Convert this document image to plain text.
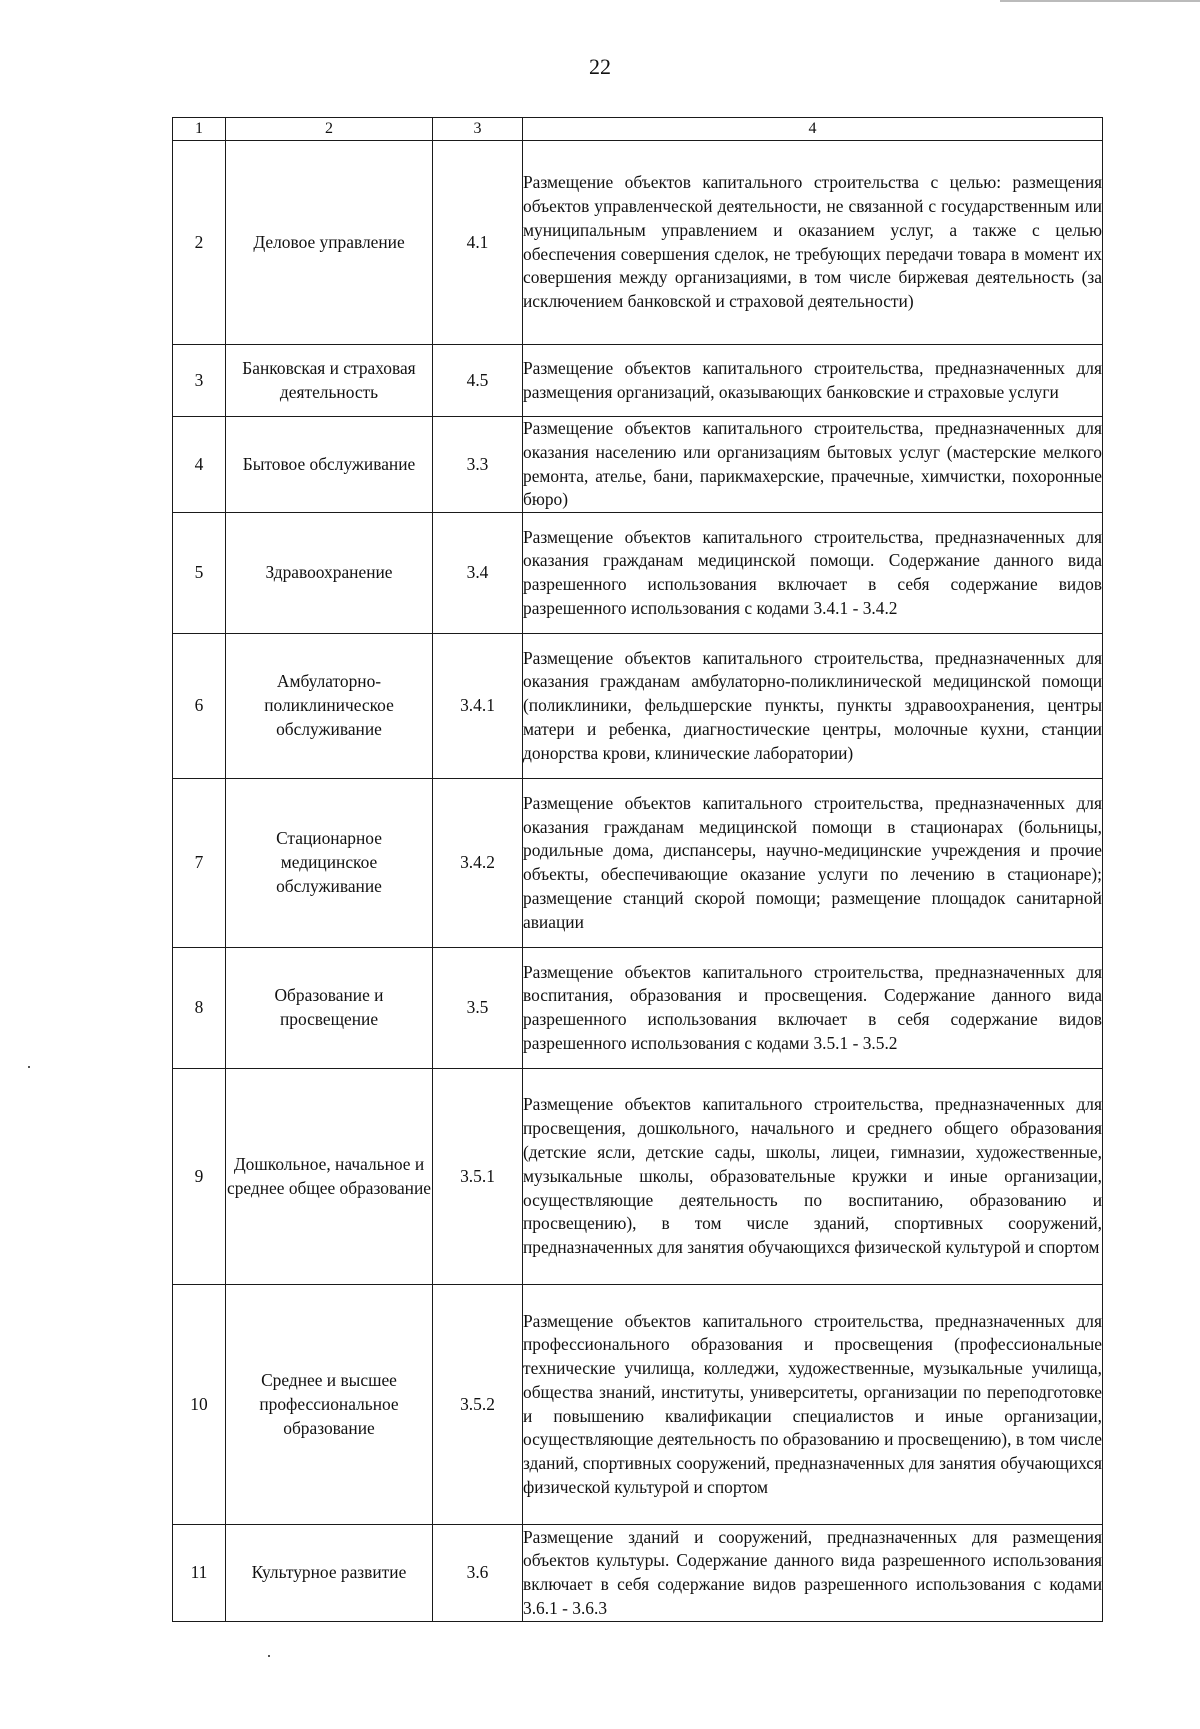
22
1	2	3	4
2	Деловое управление	4.1	Размещение объектов капитального строительства с целью: размещения объектов управленческой деятельности, не связанной с государственным или муниципальным управлением и оказанием услуг, а также с целью обеспечения совершения сделок, не требующих передачи товара в момент их совершения между организациями, в том числе биржевая деятельность (за исключением банковской и страховой деятельности)
3	Банковская и страховая деятельность	4.5	Размещение объектов капитального строительства, предназначенных для размещения организаций, оказывающих банковские и страховые услуги
4	Бытовое обслуживание	3.3	Размещение объектов капитального строительства, предназначенных для оказания населению или организациям бытовых услуг (мастерские мелкого ремонта, ателье, бани, парикмахерские, прачечные, химчистки, похоронные бюро)
5	Здравоохранение	3.4	Размещение объектов капитального строительства, предназначенных для оказания гражданам медицинской помощи. Содержание данного вида разрешенного использования включает в себя содержание видов разрешенного использования с кодами 3.4.1 - 3.4.2
6	Амбулаторно-поликлиническое обслуживание	3.4.1	Размещение объектов капитального строительства, предназначенных для оказания гражданам амбулаторно-поликлинической медицинской помощи (поликлиники, фельдшерские пункты, пункты здравоохранения, центры матери и ребенка, диагностические центры, молочные кухни, станции донорства крови, клинические лаборатории)
7	Стационарное медицинское обслуживание	3.4.2	Размещение объектов капитального строительства, предназначенных для оказания гражданам медицинской помощи в стационарах (больницы, родильные дома, диспансеры, научно-медицинские учреждения и прочие объекты, обеспечивающие оказание услуги по лечению в стационаре); размещение станций скорой помощи; размещение площадок санитарной авиации
8	Образование и просвещение	3.5	Размещение объектов капитального строительства, предназначенных для воспитания, образования и просвещения. Содержание данного вида разрешенного использования включает в себя содержание видов разрешенного использования с кодами 3.5.1 - 3.5.2
9	Дошкольное, начальное и среднее общее образование	3.5.1	Размещение объектов капитального строительства, предназначенных для просвещения, дошкольного, начального и среднего общего образования (детские ясли, детские сады, школы, лицеи, гимназии, художественные, музыкальные школы, образовательные кружки и иные организации, осуществляющие деятельность по воспитанию, образованию и просвещению), в том числе зданий, спортивных сооружений, предназначенных для занятия обучающихся физической культурой и спортом
10	Среднее и высшее профессиональное образование	3.5.2	Размещение объектов капитального строительства, предназначенных для профессионального образования и просвещения (профессиональные технические училища, колледжи, художественные, музыкальные училища, общества знаний, институты, университеты, организации по переподготовке и повышению квалификации специалистов и иные организации, осуществляющие деятельность по образованию и просвещению), в том числе зданий, спортивных сооружений, предназначенных для занятия обучающихся физической культурой и спортом
11	Культурное развитие	3.6	Размещение зданий и сооружений, предназначенных для размещения объектов культуры. Содержание данного вида разрешенного использования включает в себя содержание видов разрешенного использования с кодами 3.6.1 - 3.6.3
